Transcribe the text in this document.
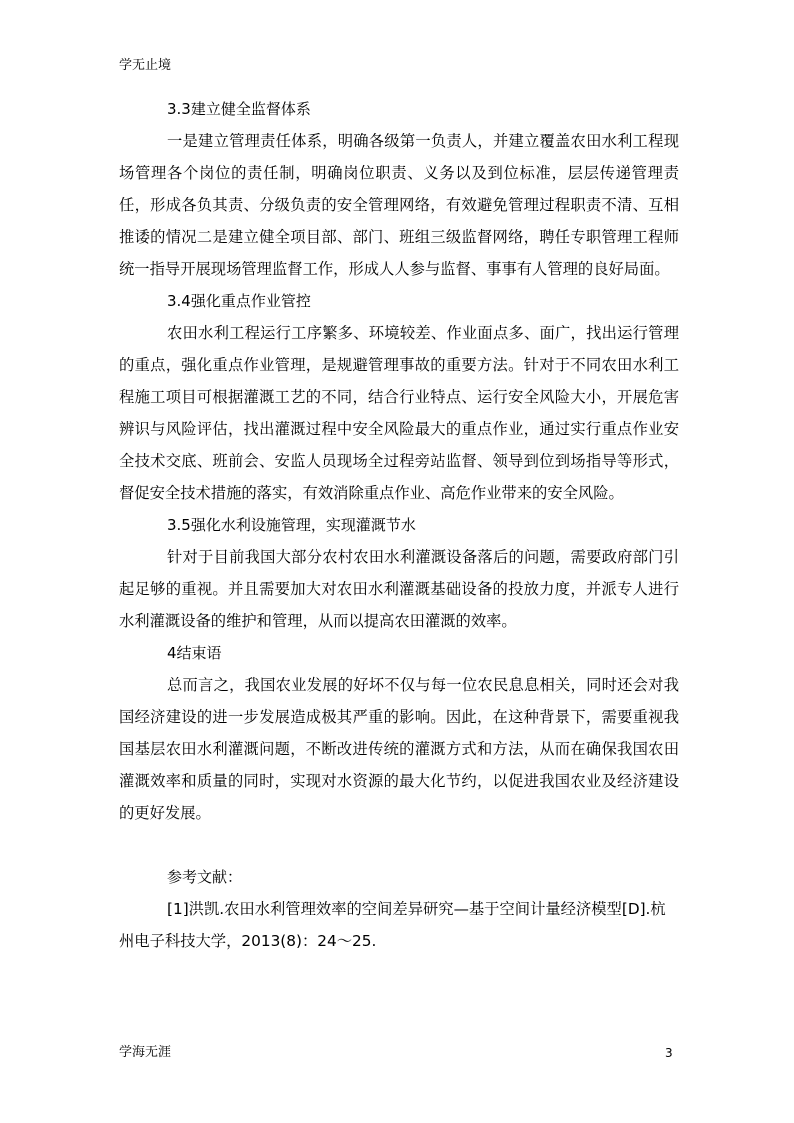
学无止境

3.3建立健全监督体系

一是建立管理责任体系，明确各级第一负责人，并建立覆盖农田水利工程现场管理各个岗位的责任制，明确岗位职责、义务以及到位标准，层层传递管理责任，形成各负其责、分级负责的安全管理网络，有效避免管理过程职责不清、互相推诿的情况二是建立健全项目部、部门、班组三级监督网络，聘任专职管理工程师统一指导开展现场管理监督工作，形成人人参与监督、事事有人管理的良好局面。

3.4强化重点作业管控

农田水利工程运行工序繁多、环境较差、作业面点多、面广，找出运行管理的重点，强化重点作业管理，是规避管理事故的重要方法。针对于不同农田水利工程施工项目可根据灌溉工艺的不同，结合行业特点、运行安全风险大小，开展危害辨识与风险评估，找出灌溉过程中安全风险最大的重点作业，通过实行重点作业安全技术交底、班前会、安监人员现场全过程旁站监督、领导到位到场指导等形式，督促安全技术措施的落实，有效消除重点作业、高危作业带来的安全风险。

3.5强化水利设施管理，实现灌溉节水

针对于目前我国大部分农村农田水利灌溉设备落后的问题，需要政府部门引起足够的重视。并且需要加大对农田水利灌溉基础设备的投放力度，并派专人进行水利灌溉设备的维护和管理，从而以提高农田灌溉的效率。

4结束语

总而言之，我国农业发展的好坏不仅与每一位农民息息相关，同时还会对我国经济建设的进一步发展造成极其严重的影响。因此，在这种背景下，需要重视我国基层农田水利灌溉问题，不断改进传统的灌溉方式和方法，从而在确保我国农田灌溉效率和质量的同时，实现对水资源的最大化节约，以促进我国农业及经济建设的更好发展。

参考文献：

[1]洪凯.农田水利管理效率的空间差异研究—基于空间计量经济模型[D].杭州电子科技大学，2013(8)：24～25.

学海无涯	3
